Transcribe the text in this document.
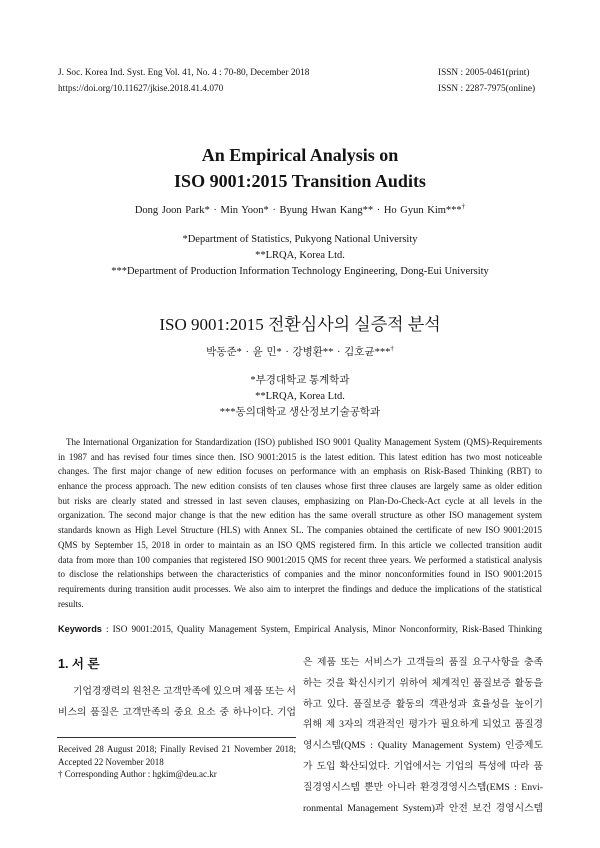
J. Soc. Korea Ind. Syst. Eng Vol. 41, No. 4 : 70-80, December 2018
https://doi.org/10.11627/jkise.2018.41.4.070
ISSN : 2005-0461(print)
ISSN : 2287-7975(online)
An Empirical Analysis on
ISO 9001:2015 Transition Audits
Dong Joon Park* · Min Yoon* · Byung Hwan Kang** · Ho Gyun Kim***†
*Department of Statistics, Pukyong National University
**LRQA, Korea Ltd.
***Department of Production Information Technology Engineering, Dong-Eui University
ISO 9001:2015 전환심사의 실증적 분석
박동준* · 윤 민* · 강병환** · 김호균***†
*부경대학교 통계학과
**LRQA, Korea Ltd.
***동의대학교 생산정보기술공학과
The International Organization for Standardization (ISO) published ISO 9001 Quality Management System (QMS)-Requirements
in 1987 and has revised four times since then. ISO 9001:2015 is the latest edition. This latest edition has two most noticeable
changes. The first major change of new edition focuses on performance with an emphasis on Risk-Based Thinking (RBT) to
enhance the process approach. The new edition consists of ten clauses whose first three clauses are largely same as older edition
but risks are clearly stated and stressed in last seven clauses, emphasizing on Plan-Do-Check-Act cycle at all levels in the
organization. The second major change is that the new edition has the same overall structure as other ISO management system
standards known as High Level Structure (HLS) with Annex SL. The companies obtained the certificate of new ISO 9001:2015
QMS by September 15, 2018 in order to maintain as an ISO QMS registered firm. In this article we collected transition audit
data from more than 100 companies that registered ISO 9001:2015 QMS for recent three years. We performed a statistical analysis
to disclose the relationships between the characteristics of companies and the minor nonconformities found in ISO 9001:2015
requirements during transition audit processes. We also aim to interpret the findings and deduce the implications of the statistical
results.
Keywords : ISO 9001:2015, Quality Management System, Empirical Analysis, Minor Nonconformity, Risk-Based Thinking
1. 서 론
기업경쟁력의 원천은 고객만족에 있으며 제품 또는 서
비스의 품질은 고객만족의 중요 요소 중 하나이다. 기업
Received 28 August 2018; Finally Revised 21 November 2018;
Accepted 22 November 2018
† Corresponding Author : hgkim@deu.ac.kr
은 제품 또는 서비스가 고객들의 품질 요구사항을 충족
하는 것을 확신시키기 위하여 체계적인 품질보증 활동을
하고 있다. 품질보증 활동의 객관성과 효율성을 높이기
위해 제 3자의 객관적인 평가가 필요하게 되었고 품질경
영시스템(QMS : Quality Management System) 인증제도
가 도입 확산되었다. 기업에서는 기업의 특성에 따라 품
질경영시스템 뿐만 아니라 환경경영시스템(EMS : Envi-
ronmental Management System)과 안전 보건 경영시스템
